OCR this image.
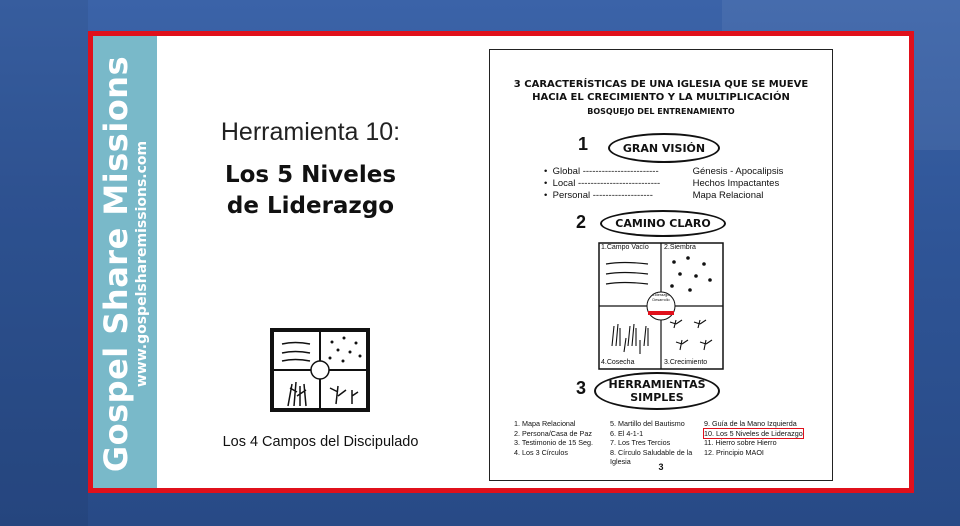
Gospel Share Missions www.gospelsharemissions.com
Herramienta 10:
Los 5 Niveles
de Liderazgo
Los 4 Campos del Discipulado
3 CARACTERÍSTICAS DE UNA IGLESIA QUE SE MUEVE
HACIA EL CRECIMIENTO Y LA MULTIPLICACIÓN
BOSQUEJO DEL ENTRENAMIENTO
1	GRAN VISIÓN
• Global ------------------------	Génesis - Apocalipsis
• Local --------------------------	Hechos Impactantes
• Personal -------------------	Mapa Relacional
2	CAMINO CLARO
1.Campo Vacío 2.Siembra
4.Cosecha	3.Crecimiento
Liderazgo
Desarrollo
Multiplicación
3 HERRAMIENTAS
SIMPLES
1. Mapa Relacional
2. Persona/Casa de Paz
3. Testimonio de 15 Seg.
4. Los 3 Círculos
5. Martillo del Bautismo
6. El 4-1-1
7. Los Tres Tercios
8. Círculo Saludable de la
Iglesia
9. Guía de la Mano Izquierda
10. Los 5 Niveles de Liderazgo
11. Hierro sobre Hierro
12. Principio MAOI
3
